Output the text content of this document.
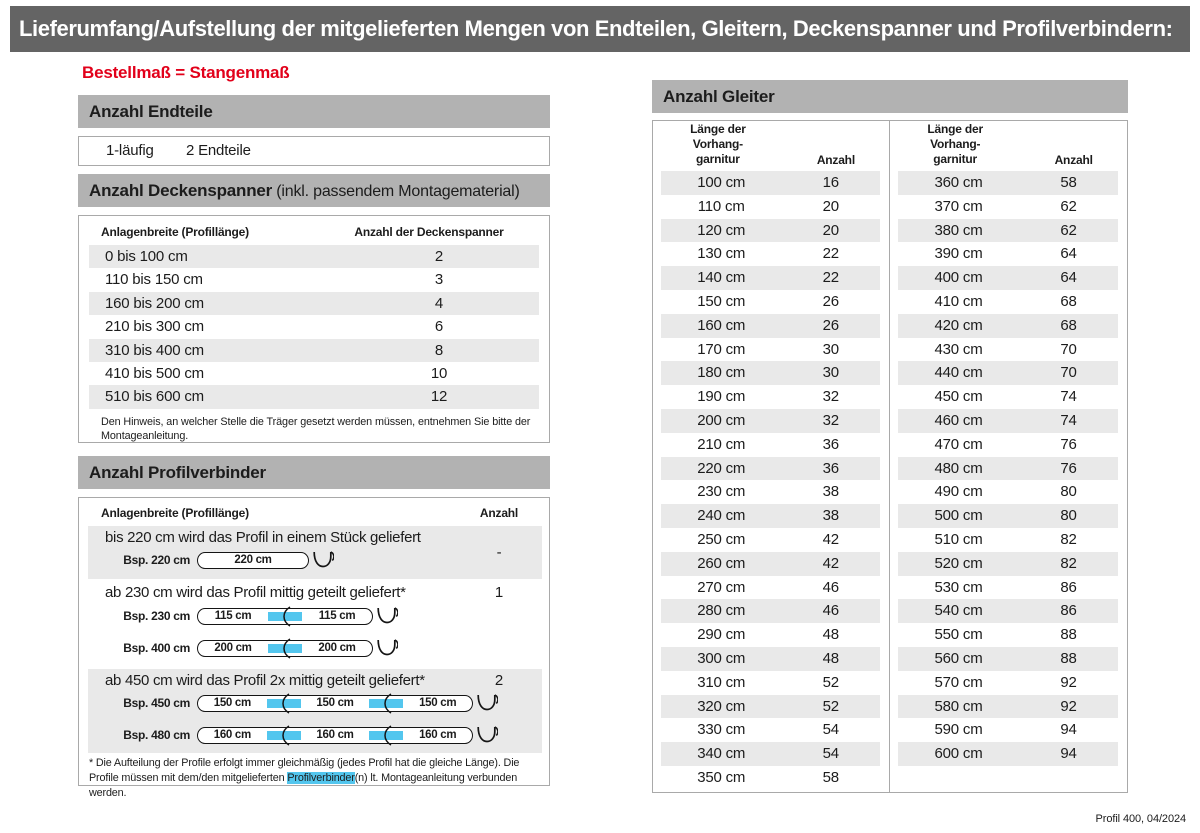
Lieferumfang/Aufstellung der mitgelieferten Mengen von Endteilen, Gleitern, Deckenspanner und Profilverbindern:
Bestellmaß = Stangenmaß
Anzahl Endteile
1-läufig	2 Endteile
Anzahl Deckenspanner (inkl. passendem Montagematerial)
Anlagenbreite (Profillänge)	Anzahl der Deckenspanner
0 bis 100 cm	2
110 bis 150 cm	3
160 bis 200 cm	4
210 bis 300 cm	6
310 bis 400 cm	8
410 bis 500 cm	10
510 bis 600 cm	12
Den Hinweis, an welcher Stelle die Träger gesetzt werden müssen, entnehmen Sie bitte der Montageanleitung.
Anzahl Profilverbinder
Anlagenbreite (Profillänge)	Anzahl
bis 220 cm wird das Profil in einem Stück geliefert
-
Bsp. 220 cm	220 cm
ab 230 cm wird das Profil mittig geteilt geliefert*	1
Bsp. 230 cm	115 cm	115 cm
Bsp. 400 cm	200 cm	200 cm
ab 450 cm wird das Profil 2x mittig geteilt geliefert*	2
Bsp. 450 cm	150 cm	150 cm	150 cm
Bsp. 480 cm	160 cm	160 cm	160 cm
* Die Aufteilung der Profile erfolgt immer gleichmäßig (jedes Profil hat die gleiche Länge). Die Profile müssen mit dem/den mitgelieferten Profilverbinder(n) lt. Montageanleitung verbunden werden.
Anzahl Gleiter
Länge der
Vorhang-
garnitur	Anzahl
100 cm	16
110 cm	20
120 cm	20
130 cm	22
140 cm	22
150 cm	26
160 cm	26
170 cm	30
180 cm	30
190 cm	32
200 cm	32
210 cm	36
220 cm	36
230 cm	38
240 cm	38
250 cm	42
260 cm	42
270 cm	46
280 cm	46
290 cm	48
300 cm	48
310 cm	52
320 cm	52
330 cm	54
340 cm	54
350 cm	58
Länge der
Vorhang-
garnitur	Anzahl
360 cm	58
370 cm	62
380 cm	62
390 cm	64
400 cm	64
410 cm	68
420 cm	68
430 cm	70
440 cm	70
450 cm	74
460 cm	74
470 cm	76
480 cm	76
490 cm	80
500 cm	80
510 cm	82
520 cm	82
530 cm	86
540 cm	86
550 cm	88
560 cm	88
570 cm	92
580 cm	92
590 cm	94
600 cm	94
Profil 400, 04/2024
